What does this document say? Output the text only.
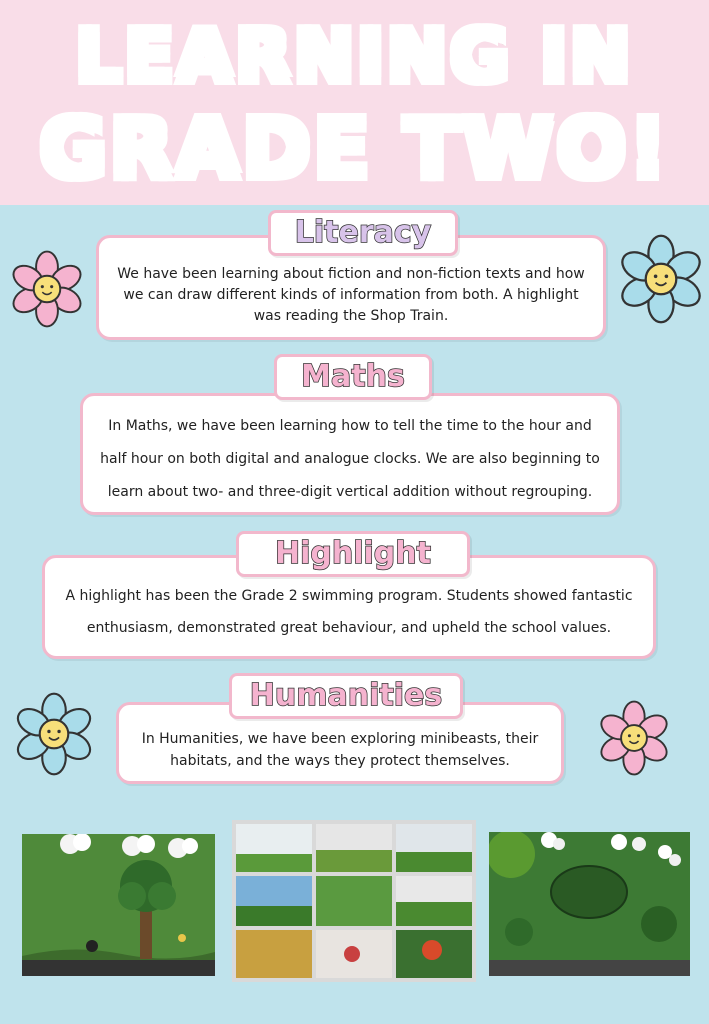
LEARNING IN
GRADE TWO!
We have been learning about fiction and non-fiction texts and how we can draw different kinds of information from both. A highlight was reading the Shop Train.
Literacy
In Maths, we have been learning how to tell the time to the hour and half hour on both digital and analogue clocks. We are also beginning to learn about two- and three-digit vertical addition without regrouping.
Maths
A highlight has been the Grade 2 swimming program. Students showed fantastic enthusiasm, demonstrated great behaviour, and upheld the school values.
Highlight
In Humanities, we have been exploring minibeasts, their habitats, and the ways they protect themselves.
Humanities
